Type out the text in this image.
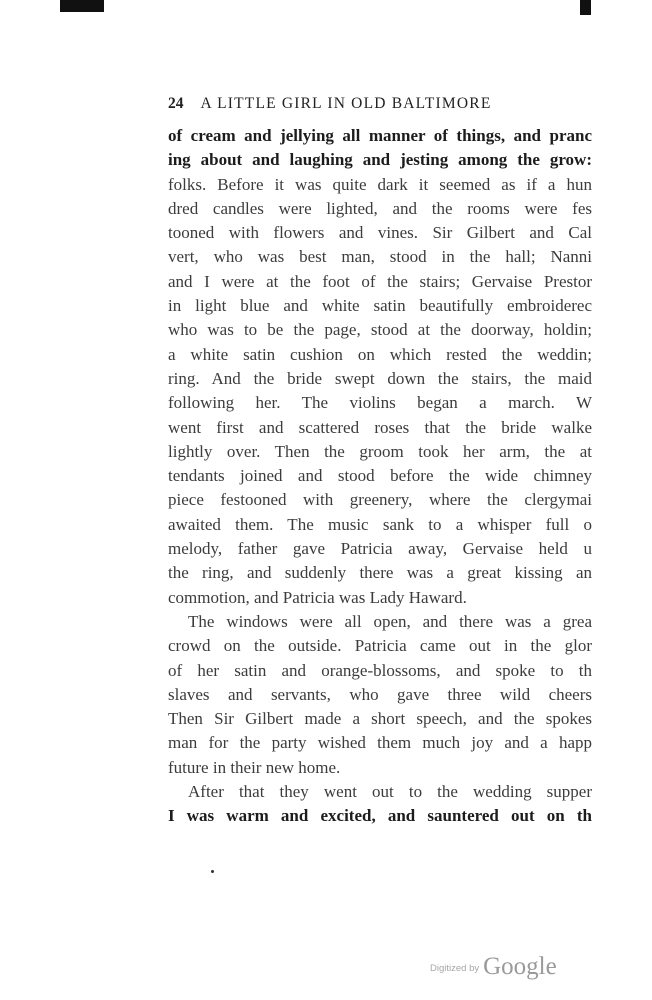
24 A LITTLE GIRL IN OLD BALTIMORE
of cream and jellying all manner of things, and pranc
ing about and laughing and jesting among the grow:
folks. Before it was quite dark it seemed as if a hun
dred candles were lighted, and the rooms were fes
tooned with flowers and vines. Sir Gilbert and Cal
vert, who was best man, stood in the hall; Nanni
and I were at the foot of the stairs; Gervaise Prestor
in light blue and white satin beautifully embroiderec
who was to be the page, stood at the doorway, holdin;
a white satin cushion on which rested the weddin;
ring. And the bride swept down the stairs, the maid
following her. The violins began a march. W
went first and scattered roses that the bride walke
lightly over. Then the groom took her arm, the at
tendants joined and stood before the wide chimney
piece festooned with greenery, where the clergymai
awaited them. The music sank to a whisper full o
melody, father gave Patricia away, Gervaise held u
the ring, and suddenly there was a great kissing an
commotion, and Patricia was Lady Haward.
The windows were all open, and there was a grea
crowd on the outside. Patricia came out in the glor
of her satin and orange-blossoms, and spoke to th
slaves and servants, who gave three wild cheers
Then Sir Gilbert made a short speech, and the spokes
man for the party wished them much joy and a happ
future in their new home.
After that they went out to the wedding supper
I was warm and excited, and sauntered out on th
Digitized by Google
